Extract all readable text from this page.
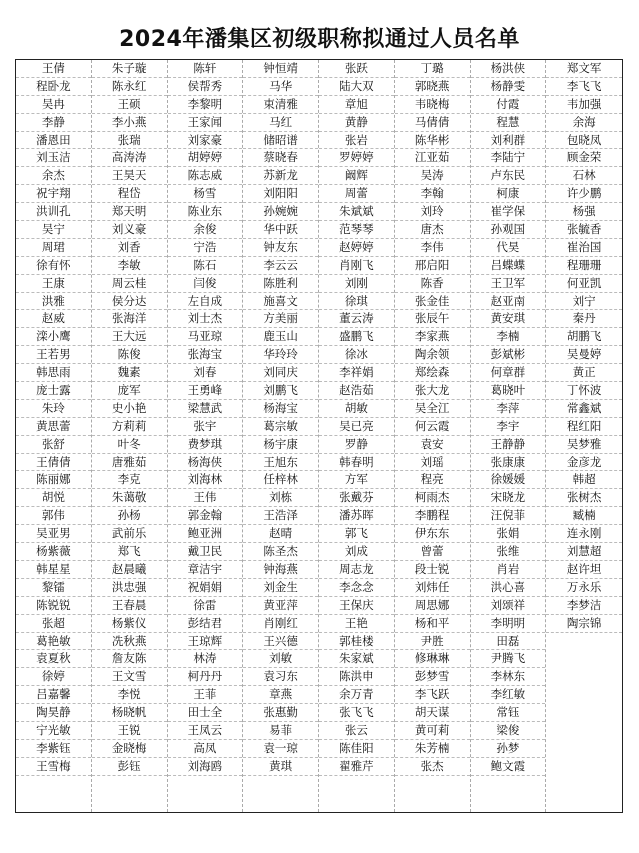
2024年潘集区初级职称拟通过人员名单
王倩
程卧龙
吴冉
李静
潘恩田
刘玉洁
余杰
祝宇翔
洪训孔
吴宁
周珺
徐有怀
王康
洪雅
赵威
滦小鹰
王若男
韩思雨
庞士露
朱玲
黄思蕾
张舒
王倩倩
陈丽娜
胡悦
郭伟
吴亚男
杨紫薇
韩星星
黎镭
陈锐锐
张超
葛艳敏
袁夏秋
徐婷
吕嘉馨
陶昊静
宁光敏
李紫钰
王雪梅
朱子璇
陈永红
王硕
李小燕
张瑞
高涛涛
王昊天
程岱
郑天明
刘义豪
刘香
李敏
周云桂
侯分达
张海洋
王大远
陈俊
魏素
庞军
史小艳
方莉莉
叶冬
唐雅茹
李克
朱蔼敬
孙杨
武前乐
郑飞
赵晨曦
洪忠强
王春晨
杨紫仪
冼秋燕
詹友陈
王文雪
李悦
杨晓帆
王锐
金晓梅
彭钰
陈轩
侯帮秀
李黎明
王家闻
刘家豪
胡婷婷
陈志威
杨雪
陈业东
余俊
宁浩
陈石
闫俊
左自成
刘士杰
马亚琼
张海宝
刘春
王勇峰
梁慧武
张宇
费梦琪
杨海侠
刘海林
王伟
郭金翰
鲍亚洲
戴卫民
章洁宇
祝娟娟
徐雷
彭结君
王琼辉
林涛
柯丹丹
王菲
田士全
王凤云
高凤
刘海鸥
钟恒靖
马华
束清雅
马红
储昭谱
蔡晓春
苏新龙
刘阳阳
孙婉婉
华中跃
钟友东
李云云
陈胜利
施喜文
方美丽
鹿玉山
华玲玲
刘同庆
刘鹏飞
杨海宝
葛宗敏
杨宇康
王旭东
任梓林
刘栋
王浩泽
赵晴
陈圣杰
钟海燕
刘金生
黄亚萍
肖刚红
王兴德
刘敏
袁习东
章燕
张惠勤
易菲
袁一琼
黄琪
张跃
陆大双
章旭
黄静
张岩
罗婷婷
阚辉
周蕾
朱斌斌
范琴琴
赵婷婷
肖刚飞
刘刚
徐琪
董云涛
盛鹏飞
徐冰
李祥娟
赵浩茹
胡敏
吴已亮
罗静
韩春明
方军
张戴芬
潘苏晖
郭飞
刘成
周志龙
李念念
王保庆
王艳
郭桂楼
朱家斌
陈洪申
余万青
张飞飞
张云
陈佳阳
翟雅芹
丁璐
郭晓燕
韦晓梅
马倩倩
陈华彬
江亚茹
吴涛
李翰
刘玲
唐杰
李伟
邢启阳
陈香
张金佳
张辰午
李家燕
陶余领
郑绘森
张大龙
吴全江
何云霞
袁安
刘瑶
程亮
柯雨杰
李鹏程
伊东东
曾蕾
段士锐
刘炜任
周思娜
杨和平
尹胜
修琳琳
彭梦雪
李飞跃
胡天谋
黄可莉
朱芳楠
张杰
杨洪侠
杨静雯
付霞
程慧
刘利群
李陆宁
卢东民
柯康
崔学保
孙观国
代昊
吕蝶蝶
王卫军
赵亚南
黄安琪
李楠
彭斌彬
何章群
葛晓叶
李萍
李宇
王静静
张康康
徐媛媛
宋晓龙
汪倪菲
张娟
张维
肖岩
洪心喜
刘颂祥
李明明
田磊
尹腾飞
李林东
李红敏
常钰
梁俊
孙梦
鲍文霞
郑文军
李飞飞
韦加强
余海
包晓凤
顾金荣
石林
许少鹏
杨强
张毓香
崔治国
程珊珊
何亚凯
刘宁
秦丹
胡鹏飞
吴曼婷
黄正
丁怀波
常鑫斌
程红阳
吴梦雅
金彦龙
韩超
张树杰
臧楠
连永刚
刘慧超
赵许坦
万永乐
李梦洁
陶宗锦
